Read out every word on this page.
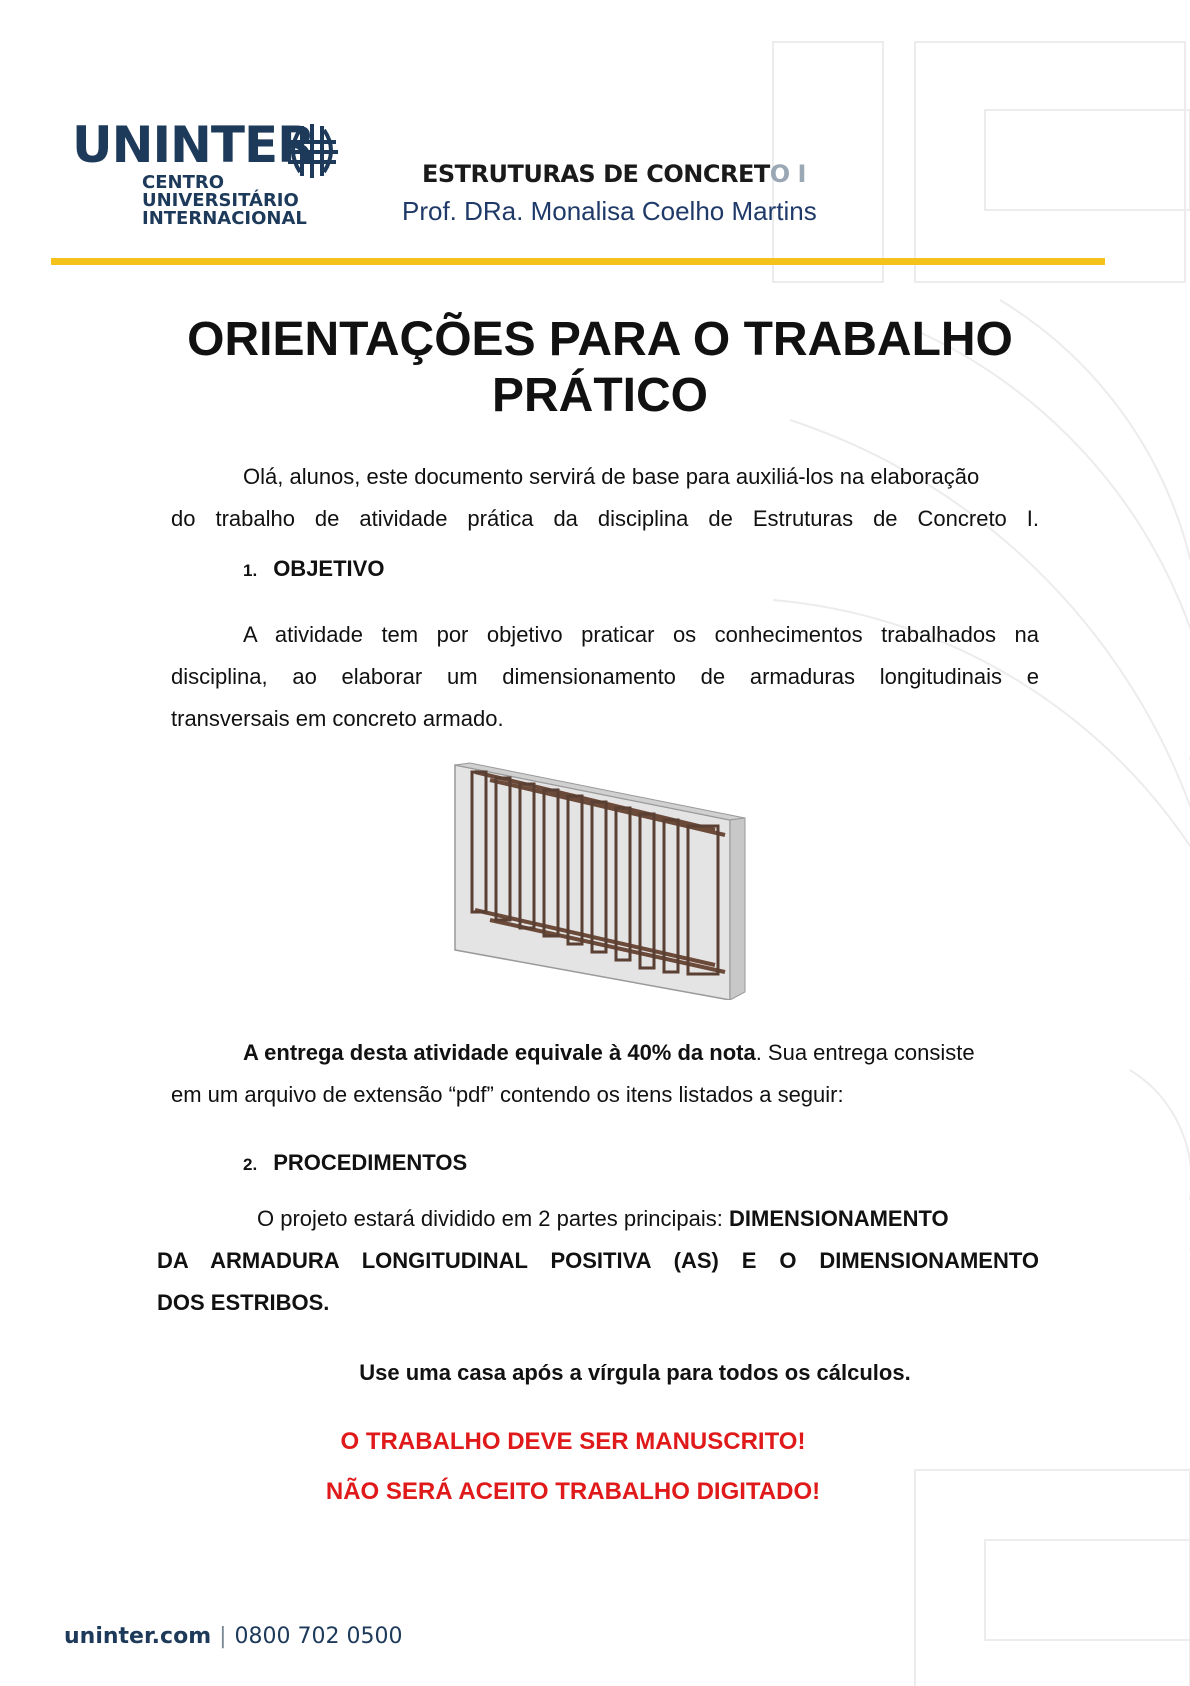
UNINTER
CENTRO
UNIVERSITÁRIO
INTERNACIONAL
ESTRUTURAS DE CONCRETO I
Prof. DRa. Monalisa Coelho Martins
ORIENTAÇÕES PARA O TRABALHO
PRÁTICO
Olá, alunos, este documento servirá de base para auxiliá-los na elaboração
do trabalho de atividade prática da disciplina de Estruturas de Concreto I.
1. OBJETIVO
A atividade tem por objetivo praticar os conhecimentos trabalhados na
disciplina, ao elaborar um dimensionamento de armaduras longitudinais e
transversais em concreto armado.
A entrega desta atividade equivale à 40% da nota. Sua entrega consiste
em um arquivo de extensão “pdf” contendo os itens listados a seguir:
2. PROCEDIMENTOS
O projeto estará dividido em 2 partes principais: DIMENSIONAMENTO
DA ARMADURA LONGITUDINAL POSITIVA (AS) E O DIMENSIONAMENTO
DOS ESTRIBOS.
Use uma casa após a vírgula para todos os cálculos.
O TRABALHO DEVE SER MANUSCRITO!
NÃO SERÁ ACEITO TRABALHO DIGITADO!
uninter.com | 0800 702 0500
